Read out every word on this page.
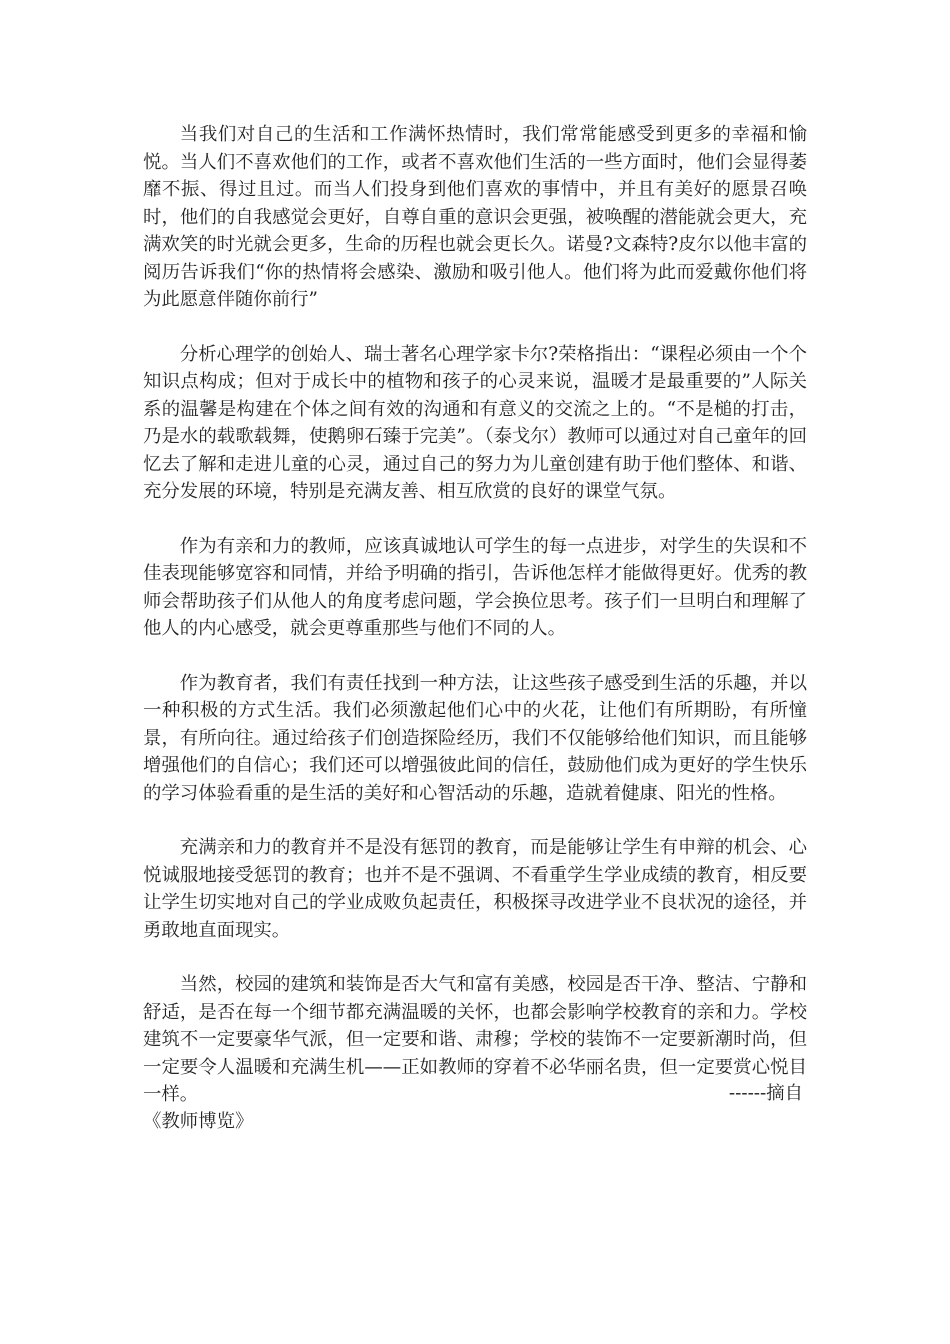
当我们对自己的生活和工作满怀热情时，我们常常能感受到更多的幸福和愉悦。当人们不喜欢他们的工作，或者不喜欢他们生活的一些方面时，他们会显得萎靡不振、得过且过。而当人们投身到他们喜欢的事情中，并且有美好的愿景召唤时，他们的自我感觉会更好，自尊自重的意识会更强，被唤醒的潜能就会更大，充满欢笑的时光就会更多，生命的历程也就会更长久。诺曼?文森特?皮尔以他丰富的阅历告诉我们“你的热情将会感染、激励和吸引他人。他们将为此而爱戴你他们将为此愿意伴随你前行”

分析心理学的创始人、瑞士著名心理学家卡尔?荣格指出：“课程必须由一个个知识点构成；但对于成长中的植物和孩子的心灵来说，温暖才是最重要的”人际关系的温馨是构建在个体之间有效的沟通和有意义的交流之上的。“不是槌的打击，乃是水的载歌载舞，使鹅卵石臻于完美”。（泰戈尔）教师可以通过对自己童年的回忆去了解和走进儿童的心灵，通过自己的努力为儿童创建有助于他们整体、和谐、充分发展的环境，特别是充满友善、相互欣赏的良好的课堂气氛。

作为有亲和力的教师，应该真诚地认可学生的每一点进步，对学生的失误和不佳表现能够宽容和同情，并给予明确的指引，告诉他怎样才能做得更好。优秀的教师会帮助孩子们从他人的角度考虑问题，学会换位思考。孩子们一旦明白和理解了他人的内心感受，就会更尊重那些与他们不同的人。

作为教育者，我们有责任找到一种方法，让这些孩子感受到生活的乐趣，并以一种积极的方式生活。我们必须激起他们心中的火花，让他们有所期盼，有所憧景，有所向往。通过给孩子们创造探险经历，我们不仅能够给他们知识，而且能够增强他们的自信心；我们还可以增强彼此间的信任，鼓励他们成为更好的学生快乐的学习体验看重的是生活的美好和心智活动的乐趣，造就着健康、阳光的性格。

充满亲和力的教育并不是没有惩罚的教育，而是能够让学生有申辩的机会、心悦诚服地接受惩罚的教育；也并不是不强调、不看重学生学业成绩的教育，相反要让学生切实地对自己的学业成败负起责任，积极探寻改进学业不良状况的途径，并勇敢地直面现实。

当然，校园的建筑和装饰是否大气和富有美感，校园是否干净、整洁、宁静和舒适，是否在每一个细节都充满温暖的关怀，也都会影响学校教育的亲和力。学校建筑不一定要豪华气派，但一定要和谐、肃穆；学校的装饰不一定要新潮时尚，但一定要令人温暖和充满生机——正如教师的穿着不必华丽名贵，但一定要赏心悦目一样。	------摘自
《教师博览》
